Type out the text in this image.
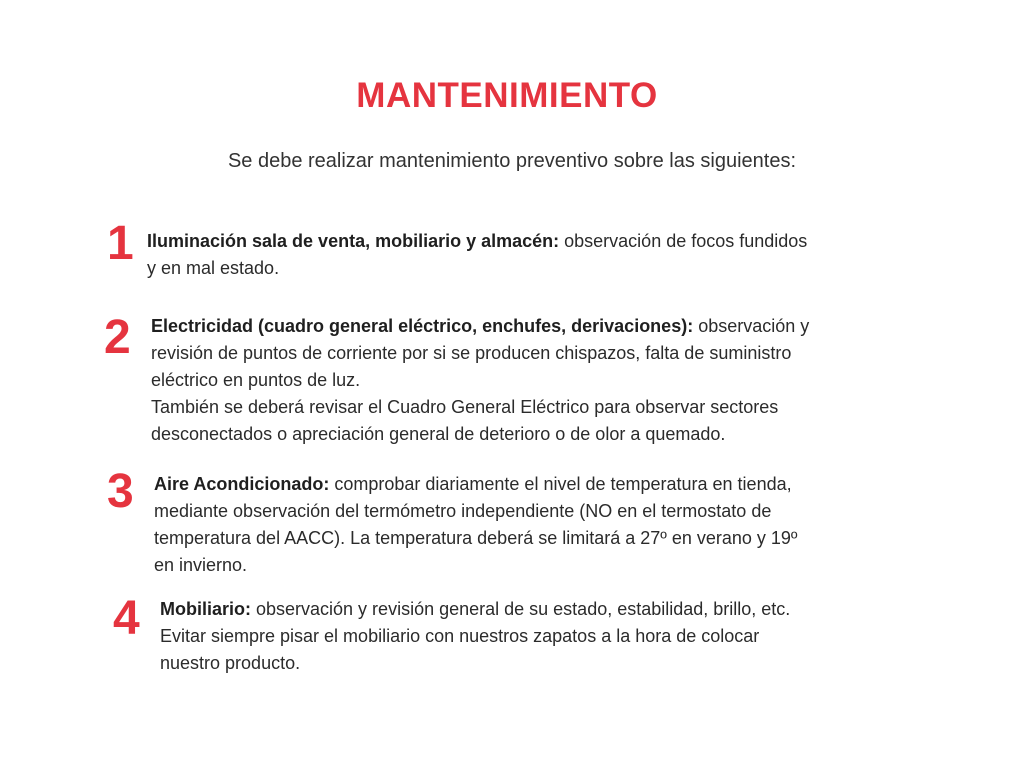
MANTENIMIENTO

Se debe realizar mantenimiento preventivo sobre las siguientes:

1 Iluminación sala de venta, mobiliario y almacén: observación de focos fundidos
y en mal estado.
2 Electricidad (cuadro general eléctrico, enchufes, derivaciones): observación y
revisión de puntos de corriente por si se producen chispazos, falta de suministro
eléctrico en puntos de luz.
También se deberá revisar el Cuadro General Eléctrico para observar sectores
desconectados o apreciación general de deterioro o de olor a quemado.
3 Aire Acondicionado: comprobar diariamente el nivel de temperatura en tienda,
mediante observación del termómetro independiente (NO en el termostato de
temperatura del AACC). La temperatura deberá se limitará a 27º en verano y 19º
en invierno.
4 Mobiliario: observación y revisión general de su estado, estabilidad, brillo, etc.
Evitar siempre pisar el mobiliario con nuestros zapatos a la hora de colocar
nuestro producto.
